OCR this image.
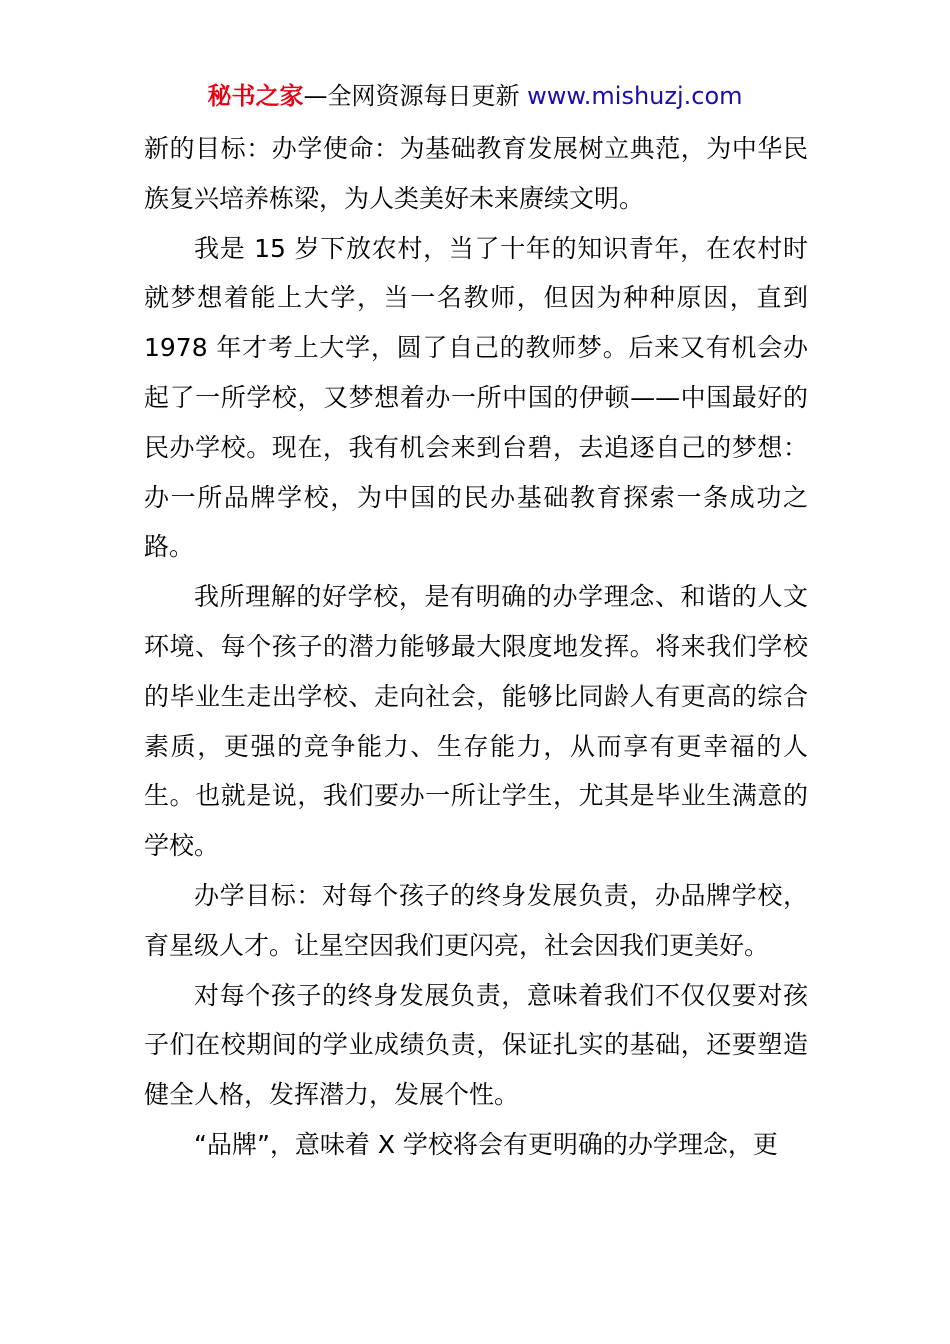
秘书之家—全网资源每日更新 www.mishuzj.com

新的目标：办学使命：为基础教育发展树立典范，为中华民族复兴培养栋梁，为人类美好未来赓续文明。

我是 15 岁下放农村，当了十年的知识青年，在农村时就梦想着能上大学，当一名教师，但因为种种原因，直到 1978 年才考上大学，圆了自己的教师梦。后来又有机会办起了一所学校，又梦想着办一所中国的伊顿——中国最好的民办学校。现在，我有机会来到台碧，去追逐自己的梦想：办一所品牌学校，为中国的民办基础教育探索一条成功之路。

我所理解的好学校，是有明确的办学理念、和谐的人文环境、每个孩子的潜力能够最大限度地发挥。将来我们学校的毕业生走出学校、走向社会，能够比同龄人有更高的综合素质，更强的竞争能力、生存能力，从而享有更幸福的人生。也就是说，我们要办一所让学生，尤其是毕业生满意的学校。

办学目标：对每个孩子的终身发展负责，办品牌学校，育星级人才。让星空因我们更闪亮，社会因我们更美好。

对每个孩子的终身发展负责，意味着我们不仅仅要对孩子们在校期间的学业成绩负责，保证扎实的基础，还要塑造健全人格，发挥潜力，发展个性。

“品牌”，意味着 X 学校将会有更明确的办学理念，更
